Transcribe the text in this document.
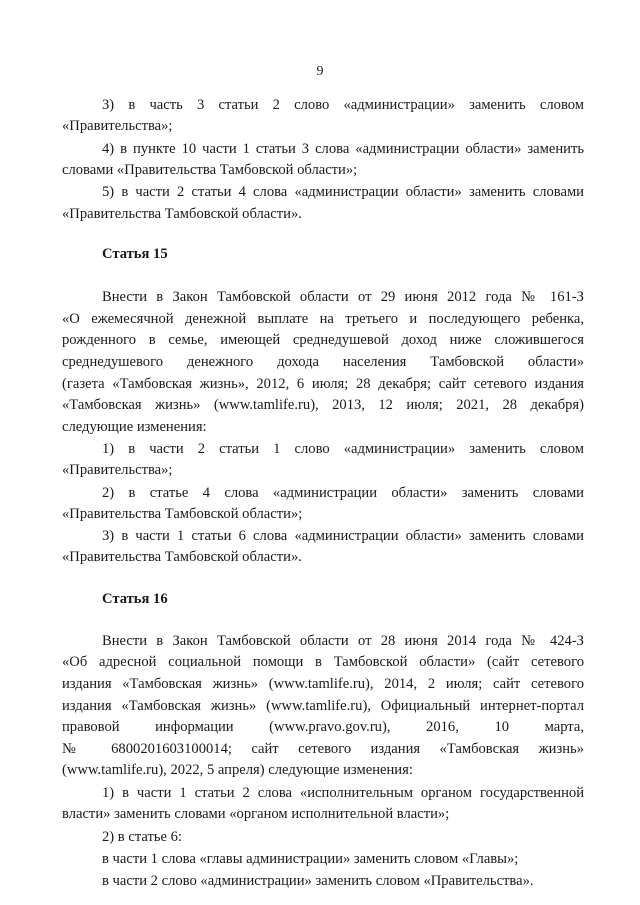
9
3) в часть 3 статьи 2 слово «администрации» заменить словом
«Правительства»;
4) в пункте 10 части 1 статьи 3 слова «администрации области» заменить
словами «Правительства Тамбовской области»;
5) в части 2 статьи 4 слова «администрации области» заменить словами
«Правительства Тамбовской области».
Статья 15
Внести в Закон Тамбовской области от 29 июня 2012 года № 161-З
«О ежемесячной денежной выплате на третьего и последующего ребенка,
рожденного в семье, имеющей среднедушевой доход ниже сложившегося
среднедушевого денежного дохода населения Тамбовской области»
(газета «Тамбовская жизнь», 2012, 6 июля; 28 декабря; сайт сетевого издания
«Тамбовская жизнь» (www.tamlife.ru), 2013, 12 июля; 2021, 28 декабря)
следующие изменения:
1) в части 2 статьи 1 слово «администрации» заменить словом
«Правительства»;
2) в статье 4 слова «администрации области» заменить словами
«Правительства Тамбовской области»;
3) в части 1 статьи 6 слова «администрации области» заменить словами
«Правительства Тамбовской области».
Статья 16
Внести в Закон Тамбовской области от 28 июня 2014 года № 424-З
«Об адресной социальной помощи в Тамбовской области» (сайт сетевого
издания «Тамбовская жизнь» (www.tamlife.ru), 2014, 2 июля; сайт сетевого
издания «Тамбовская жизнь» (www.tamlife.ru), Официальный интернет-портал
правовой информации (www.pravo.gov.ru), 2016, 10 марта,
№ 6800201603100014; сайт сетевого издания «Тамбовская жизнь»
(www.tamlife.ru), 2022, 5 апреля) следующие изменения:
1) в части 1 статьи 2 слова «исполнительным органом государственной
власти» заменить словами «органом исполнительной власти»;
2) в статье 6:
в части 1 слова «главы администрации» заменить словом «Главы»;
в части 2 слово «администрации» заменить словом «Правительства».
